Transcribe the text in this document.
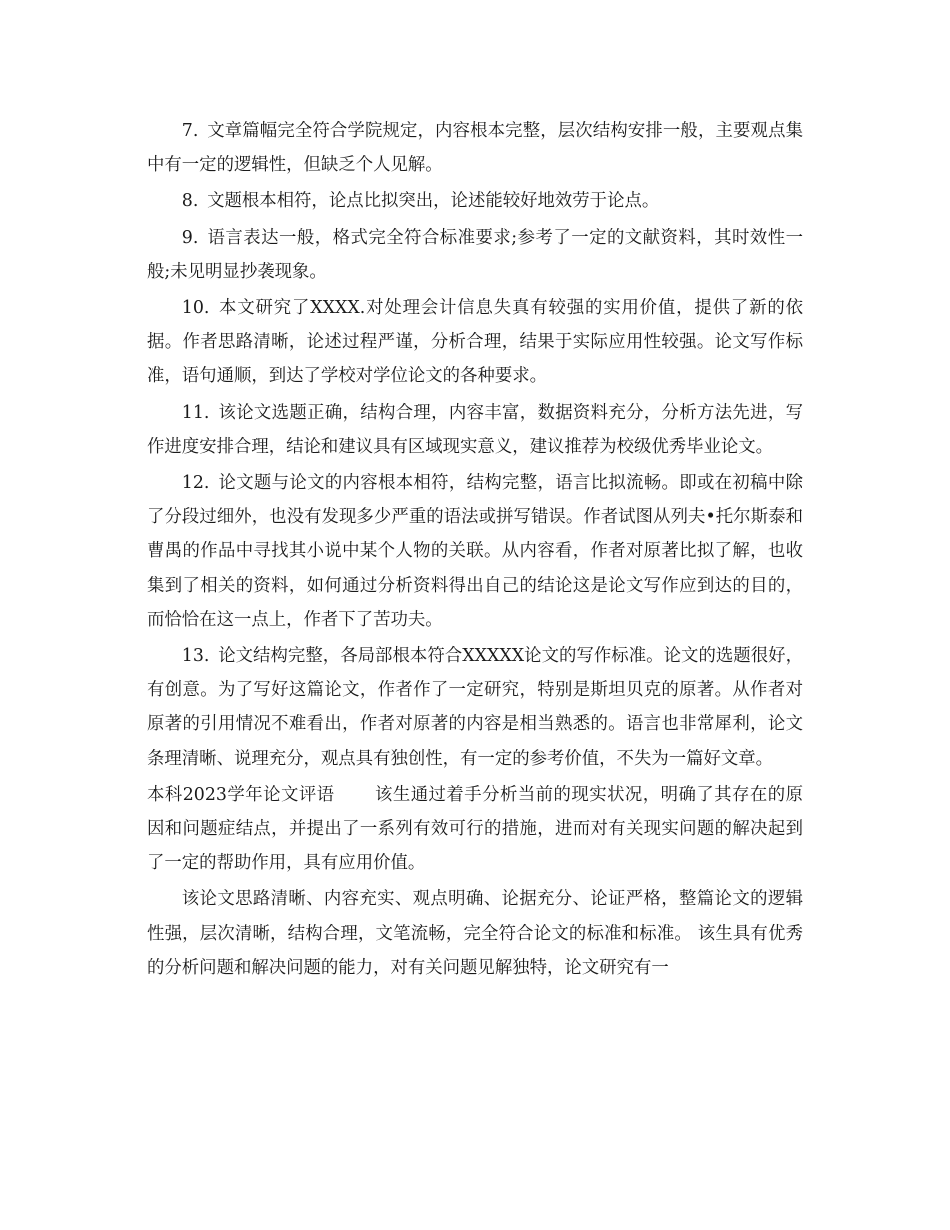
7. 文章篇幅完全符合学院规定，内容根本完整，层次结构安排一般，主要观点集中有一定的逻辑性，但缺乏个人见解。

8. 文题根本相符，论点比拟突出，论述能较好地效劳于论点。

9. 语言表达一般，格式完全符合标准要求;参考了一定的文献资料，其时效性一般;未见明显抄袭现象。

10. 本文研究了XXXX.对处理会计信息失真有较强的实用价值，提供了新的依据。作者思路清晰，论述过程严谨，分析合理，结果于实际应用性较强。论文写作标准，语句通顺，到达了学校对学位论文的各种要求。

11. 该论文选题正确，结构合理，内容丰富，数据资料充分，分析方法先进，写作进度安排合理，结论和建议具有区域现实意义，建议推荐为校级优秀毕业论文。

12. 论文题与论文的内容根本相符，结构完整，语言比拟流畅。即或在初稿中除了分段过细外，也没有发现多少严重的语法或拼写错误。作者试图从列夫•托尔斯泰和曹禺的作品中寻找其小说中某个人物的关联。从内容看，作者对原著比拟了解，也收集到了相关的资料，如何通过分析资料得出自己的结论这是论文写作应到达的目的，而恰恰在这一点上，作者下了苦功夫。

13. 论文结构完整，各局部根本符合XXXXX论文的写作标准。论文的选题很好，有创意。为了写好这篇论文，作者作了一定研究，特别是斯坦贝克的原著。从作者对原著的引用情况不难看出，作者对原著的内容是相当熟悉的。语言也非常犀利，论文条理清晰、说理充分，观点具有独创性，有一定的参考价值，不失为一篇好文章。

本科2023学年论文评语 该生通过着手分析当前的现实状况，明确了其存在的原因和问题症结点，并提出了一系列有效可行的措施，进而对有关现实问题的解决起到了一定的帮助作用，具有应用价值。

该论文思路清晰、内容充实、观点明确、论据充分、论证严格，整篇论文的逻辑性强，层次清晰，结构合理，文笔流畅，完全符合论文的标准和标准。 该生具有优秀的分析问题和解决问题的能力，对有关问题见解独特，论文研究有一
